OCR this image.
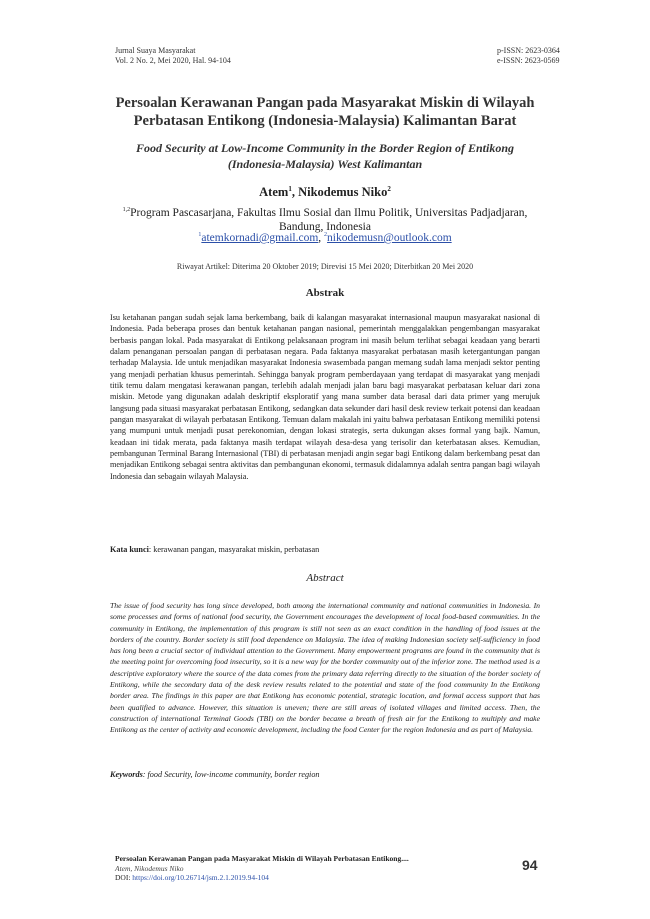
Jurnal Suaya Masyarakat
Vol. 2 No. 2, Mei 2020, Hal. 94-104
p-ISSN: 2623-0364
e-ISSN: 2623-0569
Persoalan Kerawanan Pangan pada Masyarakat Miskin di Wilayah Perbatasan Entikong (Indonesia-Malaysia) Kalimantan Barat
Food Security at Low-Income Community in the Border Region of Entikong (Indonesia-Malaysia) West Kalimantan
Atem$^1$, Nikodemus Niko$^2$
$^{1,2}$Program Pascasarjana, Fakultas Ilmu Sosial dan Ilmu Politik, Universitas Padjadjaran, Bandung, Indonesia
$^1$atemkornadi@gmail.com, $^2$nikodemusn@outlook.com
Riwayat Artikel: Diterima 20 Oktober 2019; Direvisi 15 Mei 2020; Diterbitkan 20 Mei 2020
Abstrak
Isu ketahanan pangan sudah sejak lama berkembang, baik di kalangan masyarakat internasional maupun masyarakat nasional di Indonesia. Pada beberapa proses dan bentuk ketahanan pangan nasional, pemerintah menggalakkan pengembangan masyarakat berbasis pangan lokal. Pada masyarakat di Entikong pelaksanaan program ini masih belum terlihat sebagai keadaan yang berarti dalam penanganan persoalan pangan di perbatasan negara. Pada faktanya masyarakat perbatasan masih ketergantungan pangan terhadap Malaysia. Ide untuk menjadikan masyarakat Indonesia swasembada pangan memang sudah lama menjadi sektor penting yang menjadi perhatian khusus pemerintah. Sehingga banyak program pemberdayaan yang terdapat di masyarakat yang menjadi titik temu dalam mengatasi kerawanan pangan, terlebih adalah menjadi jalan baru bagi masyarakat perbatasan keluar dari zona miskin. Metode yang digunakan adalah deskriptif eksploratif yang mana sumber data berasal dari data primer yang merujuk langsung pada situasi masyarakat perbatasan Entikong, sedangkan data sekunder dari hasil desk review terkait potensi dan keadaan pangan masyarakat di wilayah perbatasan Entikong. Temuan dalam makalah ini yaitu bahwa perbatasan Entikong memiliki potensi yang mumpuni untuk menjadi pusat perekonomian, dengan lokasi strategis, serta dukungan akses formal yang bajk. Namun, keadaan ini tidak merata, pada faktanya masih terdapat wilayah desa-desa yang terisolir dan keterbatasan akses. Kemudian, pembangunan Terminal Barang Internasional (TBI) di perbatasan menjadi angin segar bagi Entikong dalam berkembang pesat dan menjadikan Entikong sebagai sentra aktivitas dan pembangunan ekonomi, termasuk didalamnya adalah sentra pangan bagi wilayah Indonesia dan sebagain wilayah Malaysia.
Kata kunci: kerawanan pangan, masyarakat miskin, perbatasan
Abstract
The issue of food security has long since developed, both among the international community and national communities in Indonesia. In some processes and forms of national food security, the Government encourages the development of local food-based communities. In the community in Entikong, the implementation of this program is still not seen as an exact condition in the handling of food issues at the borders of the country. Border society is still food dependence on Malaysia. The idea of making Indonesian society self-sufficiency in food has long been a crucial sector of individual attention to the Government. Many empowerment programs are found in the community that is the meeting point for overcoming food insecurity, so it is a new way for the border community out of the inferior zone. The method used is a descriptive exploratory where the source of the data comes from the primary data referring directly to the situation of the border society of Entikong, while the secondary data of the desk review results related to the potential and state of the food community In the Entikong border area. The findings in this paper are that Entikong has economic potential, strategic location, and formal access support that has been qualified to advance. However, this situation is uneven; there are still areas of isolated villages and limited access. Then, the construction of international Terminal Goods (TBI) on the border became a breath of fresh air for the Entikong to multiply and make Entikong as the center of activity and economic development, including the food Center for the region Indonesia and as part of Malaysia.
Keywords: food Security, low-income community, border region
Persoalan Kerawanan Pangan pada Masyarakat Miskin di Wilayah Perbatasan Entikong....
Atem, Nikodemus Niko
DOI: https://doi.org/10.26714/jsm.2.1.2019.94-104
94
